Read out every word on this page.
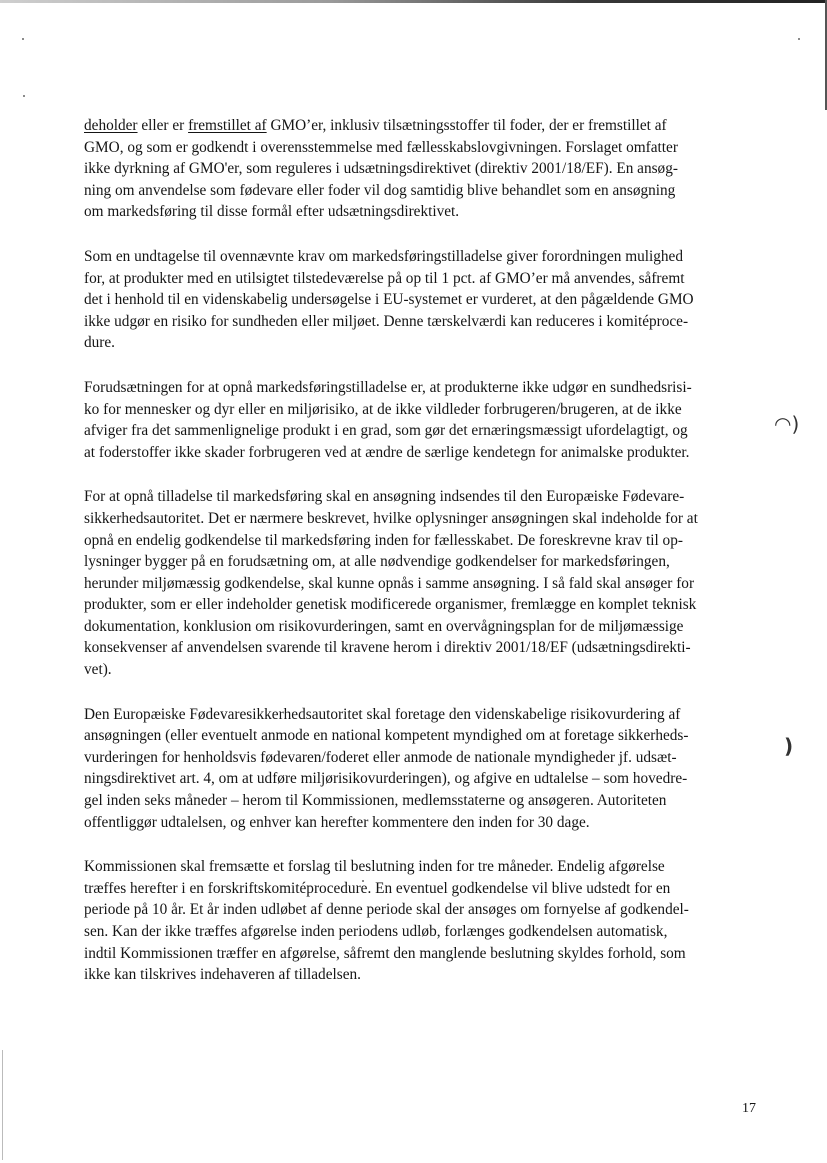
◠)
)

deholder eller er fremstillet af GMO’er, inklusiv tilsætningsstoffer til foder, der er fremstillet af
GMO, og som er godkendt i overensstemmelse med fællesskabslovgivningen. Forslaget omfatter
ikke dyrkning af GMO'er, som reguleres i udsætningsdirektivet (direktiv 2001/18/EF). En ansøg-
ning om anvendelse som fødevare eller foder vil dog samtidig blive behandlet som en ansøgning
om markedsføring til disse formål efter udsætningsdirektivet.

Som en undtagelse til ovennævnte krav om markedsføringstilladelse giver forordningen mulighed
for, at produkter med en utilsigtet tilstedeværelse på op til 1 pct. af GMO’er må anvendes, såfremt
det i henhold til en videnskabelig undersøgelse i EU-systemet er vurderet, at den pågældende GMO
ikke udgør en risiko for sundheden eller miljøet. Denne tærskelværdi kan reduceres i komitéproce-
dure.

Forudsætningen for at opnå markedsføringstilladelse er, at produkterne ikke udgør en sundhedsrisi-
ko for mennesker og dyr eller en miljørisiko, at de ikke vildleder forbrugeren/brugeren, at de ikke
afviger fra det sammenlignelige produkt i en grad, som gør det ernæringsmæssigt ufordelagtigt, og
at foderstoffer ikke skader forbrugeren ved at ændre de særlige kendetegn for animalske produkter.

For at opnå tilladelse til markedsføring skal en ansøgning indsendes til den Europæiske Fødevare-
sikkerhedsautoritet. Det er nærmere beskrevet, hvilke oplysninger ansøgningen skal indeholde for at
opnå en endelig godkendelse til markedsføring inden for fællesskabet. De foreskrevne krav til op-
lysninger bygger på en forudsætning om, at alle nødvendige godkendelser for markedsføringen,
herunder miljømæssig godkendelse, skal kunne opnås i samme ansøgning. I så fald skal ansøger for
produkter, som er eller indeholder genetisk modificerede organismer, fremlægge en komplet teknisk
dokumentation, konklusion om risikovurderingen, samt en overvågningsplan for de miljømæssige
konsekvenser af anvendelsen svarende til kravene herom i direktiv 2001/18/EF (udsætningsdirekti-
vet).

Den Europæiske Fødevaresikkerhedsautoritet skal foretage den videnskabelige risikovurdering af
ansøgningen (eller eventuelt anmode en national kompetent myndighed om at foretage sikkerheds-
vurderingen for henholdsvis fødevaren/foderet eller anmode de nationale myndigheder jf. udsæt-
ningsdirektivet art. 4, om at udføre miljørisikovurderingen), og afgive en udtalelse – som hovedre-
gel inden seks måneder – herom til Kommissionen, medlemsstaterne og ansøgeren. Autoriteten
offentliggør udtalelsen, og enhver kan herefter kommentere den inden for 30 dage.

Kommissionen skal fremsætte et forslag til beslutning inden for tre måneder. Endelig afgørelse
træffes herefter i en forskriftskomitéprocedure. En eventuel godkendelse vil blive udstedt for en
periode på 10 år. Et år inden udløbet af denne periode skal der ansøges om fornyelse af godkendel-
sen. Kan der ikke træffes afgørelse inden periodens udløb, forlænges godkendelsen automatisk,
indtil Kommissionen træffer en afgørelse, såfremt den manglende beslutning skyldes forhold, som
ikke kan tilskrives indehaveren af tilladelsen.

17
